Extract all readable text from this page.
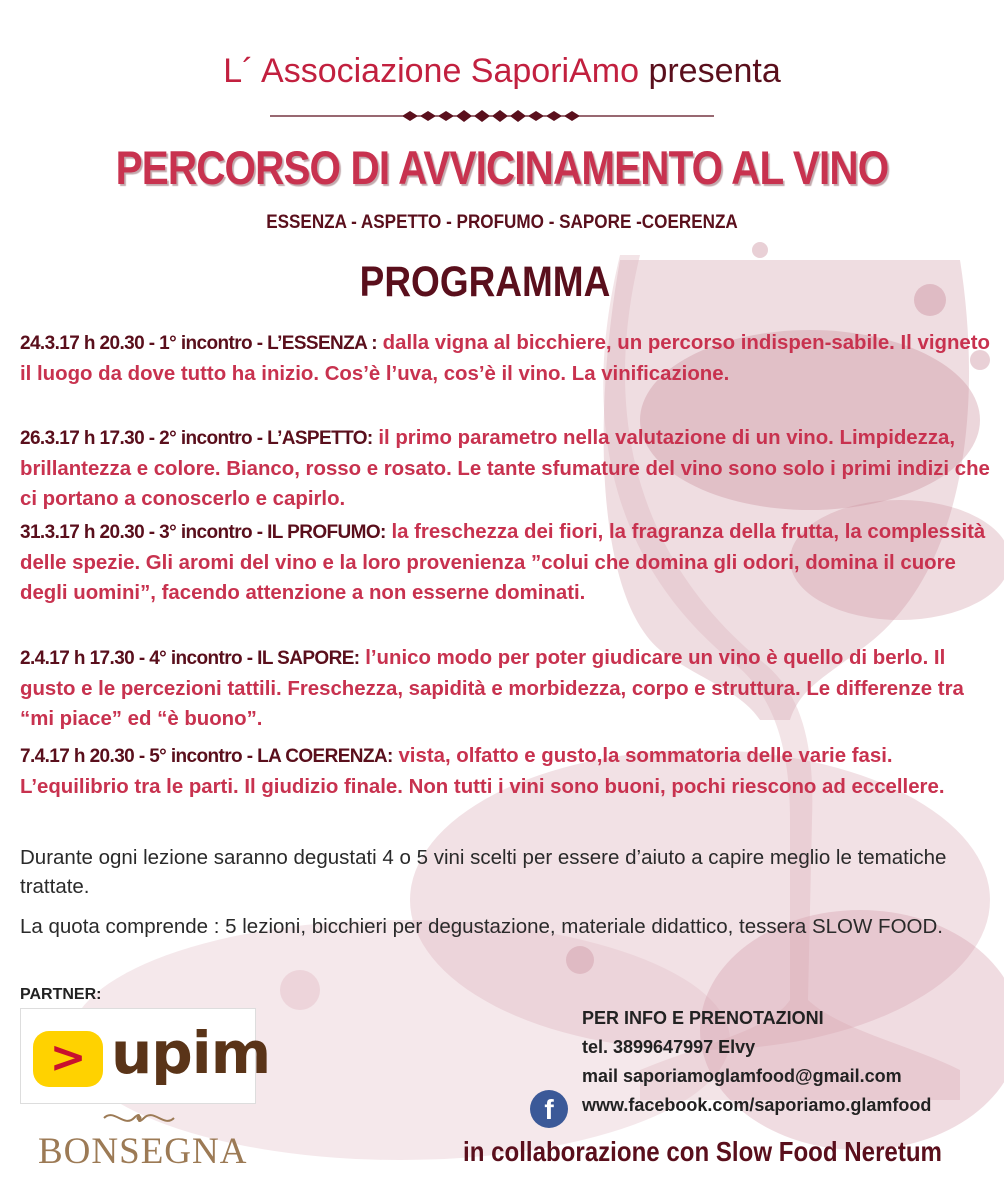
L´ Associazione SaporiAmo presenta
PERCORSO DI AVVICINAMENTO AL VINO
ESSENZA - ASPETTO - PROFUMO - SAPORE -COERENZA
PROGRAMMA
24.3.17 h 20.30 - 1° incontro - L’ESSENZA : dalla vigna al bicchiere, un percorso indispen-sabile. Il vigneto il luogo da dove tutto ha inizio. Cos’è l’uva, cos’è il vino. La vinificazione.
26.3.17 h 17.30 - 2° incontro - L’ASPETTO: il primo parametro nella valutazione di un vino. Limpidezza, brillantezza e colore. Bianco, rosso e rosato. Le tante sfumature del vino sono solo i primi indizi che ci portano a conoscerlo e capirlo.
31.3.17 h 20.30 - 3° incontro - IL PROFUMO: la freschezza dei fiori, la fragranza della frutta, la complessità delle spezie. Gli aromi del vino e la loro provenienza ”colui che domina gli odori, domina il cuore degli uomini”, facendo attenzione a non esserne dominati.
2.4.17 h 17.30 - 4° incontro - IL SAPORE: l’unico modo per poter giudicare un vino è quello di berlo. Il gusto e le percezioni tattili. Freschezza, sapidità e morbidezza, corpo e struttura. Le differenze tra “mi piace” ed “è buono”.
7.4.17 h 20.30 - 5° incontro - LA COERENZA: vista, olfatto e gusto,la sommatoria delle varie fasi. L’equilibrio tra le parti. Il giudizio finale. Non tutti i vini sono buoni, pochi riescono ad eccellere.
Durante ogni lezione saranno degustati 4 o 5 vini scelti per essere d’aiuto a capire meglio le tematiche trattate.
La quota comprende : 5 lezioni, bicchieri per degustazione, materiale didattico, tessera SLOW FOOD.
PARTNER:
> upim
BONSEGNA
PER INFO E PRENOTAZIONI
tel. 3899647997 Elvy
mail saporiamoglamfood@gmail.com
f	www.facebook.com/saporiamo.glamfood
in collaborazione con Slow Food Neretum
